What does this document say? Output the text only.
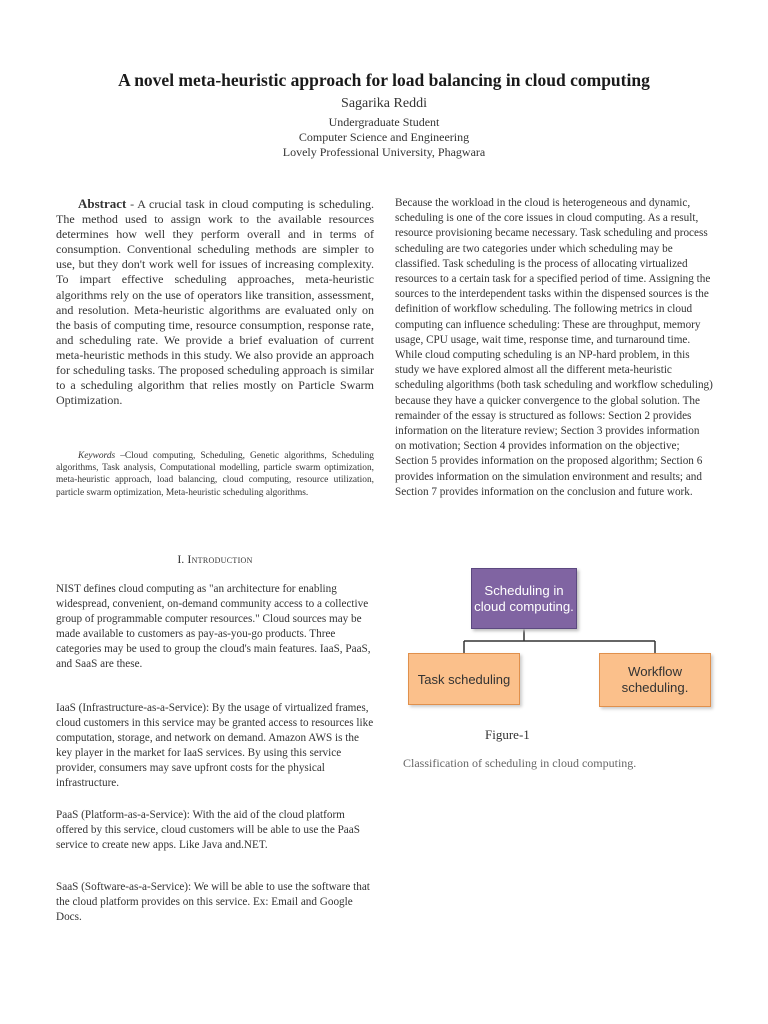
A novel meta-heuristic approach for load balancing in cloud computing
Sagarika Reddi
Undergraduate Student
Computer Science and Engineering
Lovely Professional University, Phagwara
Abstract - A crucial task in cloud computing is scheduling. The method used to assign work to the available resources determines how well they perform overall and in terms of consumption. Conventional scheduling methods are simpler to use, but they don't work well for issues of increasing complexity. To impart effective scheduling approaches, meta-heuristic algorithms rely on the use of operators like transition, assessment, and resolution. Meta-heuristic algorithms are evaluated only on the basis of computing time, resource consumption, response rate, and scheduling rate. We provide a brief evaluation of current meta-heuristic methods in this study. We also provide an approach for scheduling tasks. The proposed scheduling approach is similar to a scheduling algorithm that relies mostly on Particle Swarm Optimization.
Keywords –Cloud computing, Scheduling, Genetic algorithms, Scheduling algorithms, Task analysis, Computational modelling, particle swarm optimization, meta-heuristic approach, load balancing, cloud computing, resource utilization, particle swarm optimization, Meta-heuristic scheduling algorithms.
I. Introduction
NIST defines cloud computing as "an architecture for enabling widespread, convenient, on-demand community access to a collective group of programmable computer resources." Cloud sources may be made available to customers as pay-as-you-go products. Three categories may be used to group the cloud's main features. IaaS, PaaS, and SaaS are these.
IaaS (Infrastructure-as-a-Service): By the usage of virtualized frames, cloud customers in this service may be granted access to resources like computation, storage, and network on demand. Amazon AWS is the key player in the market for IaaS services. By using this service provider, consumers may save upfront costs for the physical infrastructure.
PaaS (Platform-as-a-Service): With the aid of the cloud platform offered by this service, cloud customers will be able to use the PaaS service to create new apps. Like Java and.NET.
SaaS (Software-as-a-Service): We will be able to use the software that the cloud platform provides on this service. Ex: Email and Google Docs.
Because the workload in the cloud is heterogeneous and dynamic, scheduling is one of the core issues in cloud computing. As a result, resource provisioning became necessary. Task scheduling and process scheduling are two categories under which scheduling may be classified. Task scheduling is the process of allocating virtualized resources to a certain task for a specified period of time. Assigning the sources to the interdependent tasks within the dispensed sources is the definition of workflow scheduling. The following metrics in cloud computing can influence scheduling: These are throughput, memory usage, CPU usage, wait time, response time, and turnaround time. While cloud computing scheduling is an NP-hard problem, in this study we have explored almost all the different meta-heuristic scheduling algorithms (both task scheduling and workflow scheduling) because they have a quicker convergence to the global solution. The remainder of the essay is structured as follows: Section 2 provides information on the literature review; Section 3 provides information on motivation; Section 4 provides information on the objective; Section 5 provides information on the proposed algorithm; Section 6 provides information on the simulation environment and results; and Section 7 provides information on the conclusion and future work.
Scheduling in cloud computing.
Task scheduling	Workflow scheduling.
Figure-1
Classification of scheduling in cloud computing.
